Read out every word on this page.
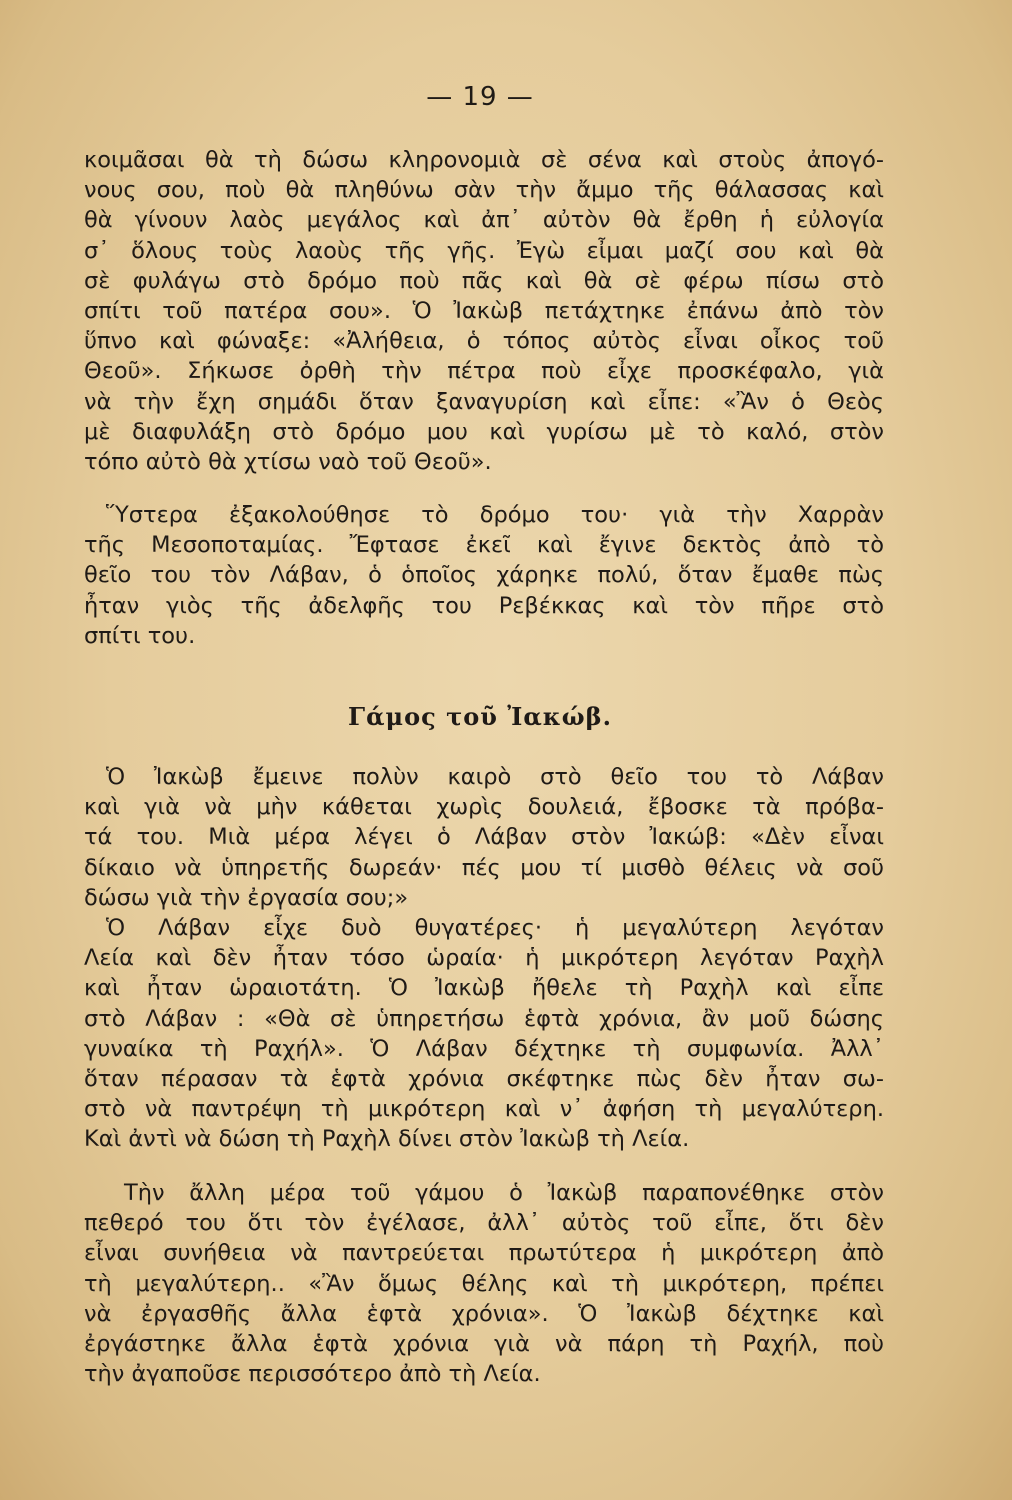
— 19 —
κοιμᾶσαι θὰ τὴ δώσω κληρονομιὰ σὲ σένα καὶ στοὺς ἀπογό-
νους σου, ποὺ θὰ πληθύνω σὰν τὴν ἄμμο τῆς θάλασσας καὶ
θὰ γίνουν λαὸς μεγάλος καὶ ἀπ᾽ αὐτὸν θὰ ἔρθη ἡ εὐλογία
σ᾽ ὅλους τοὺς λαοὺς τῆς γῆς. Ἐγὼ εἶμαι μαζί σου καὶ θὰ
σὲ φυλάγω στὸ δρόμο ποὺ πᾶς καὶ θὰ σὲ φέρω πίσω στὸ
σπίτι τοῦ πατέρα σου». Ὁ Ἰακὼβ πετάχτηκε ἐπάνω ἀπὸ τὸν
ὕπνο καὶ φώναξε: «Ἀλήθεια, ὁ τόπος αὐτὸς εἶναι οἶκος τοῦ
Θεοῦ». Σήκωσε ὀρθὴ τὴν πέτρα ποὺ εἶχε προσκέφαλο, γιὰ
νὰ τὴν ἔχη σημάδι ὅταν ξαναγυρίση καὶ εἶπε: «Ἂν ὁ Θεὸς
μὲ διαφυλάξη στὸ δρόμο μου καὶ γυρίσω μὲ τὸ καλό, στὸν
τόπο αὐτὸ θὰ χτίσω ναὸ τοῦ Θεοῦ».
Ὕστερα ἐξακολούθησε τὸ δρόμο του· γιὰ τὴν Χαρρὰν
τῆς Μεσοποταμίας. Ἔφτασε ἐκεῖ καὶ ἔγινε δεκτὸς ἀπὸ τὸ
θεῖο του τὸν Λάβαν, ὁ ὁποῖος χάρηκε πολύ, ὅταν ἔμαθε πὼς
ἦταν γιὸς τῆς ἀδελφῆς του Ρεβέκκας καὶ τὸν πῆρε στὸ
σπίτι του.
Γάμος τοῦ Ἰακώβ.
Ὁ Ἰακὼβ ἔμεινε πολὺν καιρὸ στὸ θεῖο του τὸ Λάβαν
καὶ γιὰ νὰ μὴν κάθεται χωρὶς δουλειά, ἔβοσκε τὰ πρόβα-
τά του. Μιὰ μέρα λέγει ὁ Λάβαν στὸν Ἰακώβ: «Δὲν εἶναι
δίκαιο νὰ ὑπηρετῆς δωρεάν· πές μου τί μισθὸ θέλεις νὰ σοῦ
δώσω γιὰ τὴν ἐργασία σου;»
Ὁ Λάβαν εἶχε δυὸ θυγατέρες· ἡ μεγαλύτερη λεγόταν
Λεία καὶ δὲν ἦταν τόσο ὡραία· ἡ μικρότερη λεγόταν Ραχὴλ
καὶ ἦταν ὡραιοτάτη. Ὁ Ἰακὼβ ἤθελε τὴ Ραχὴλ καὶ εἶπε
στὸ Λάβαν : «Θὰ σὲ ὑπηρετήσω ἑφτὰ χρόνια, ἂν μοῦ δώσης
γυναίκα τὴ Ραχήλ». Ὁ Λάβαν δέχτηκε τὴ συμφωνία. Ἀλλ᾽
ὅταν πέρασαν τὰ ἑφτὰ χρόνια σκέφτηκε πὼς δὲν ἦταν σω-
στὸ νὰ παντρέψη τὴ μικρότερη καὶ ν᾽ ἀφήση τὴ μεγαλύτερη.
Καὶ ἀντὶ νὰ δώση τὴ Ραχὴλ δίνει στὸν Ἰακὼβ τὴ Λεία.
Τὴν ἄλλη μέρα τοῦ γάμου ὁ Ἰακὼβ παραπονέθηκε στὸν
πεθερό του ὅτι τὸν ἐγέλασε, ἀλλ᾽ αὐτὸς τοῦ εἶπε, ὅτι δὲν
εἶναι συνήθεια νὰ παντρεύεται πρωτύτερα ἡ μικρότερη ἀπὸ
τὴ μεγαλύτερη.. «Ἂν ὅμως θέλης καὶ τὴ μικρότερη, πρέπει
νὰ ἐργασθῆς ἄλλα ἑφτὰ χρόνια». Ὁ Ἰακὼβ δέχτηκε καὶ
ἐργάστηκε ἄλλα ἑφτὰ χρόνια γιὰ νὰ πάρη τὴ Ραχήλ, ποὺ
τὴν ἀγαποῦσε περισσότερο ἀπὸ τὴ Λεία.
